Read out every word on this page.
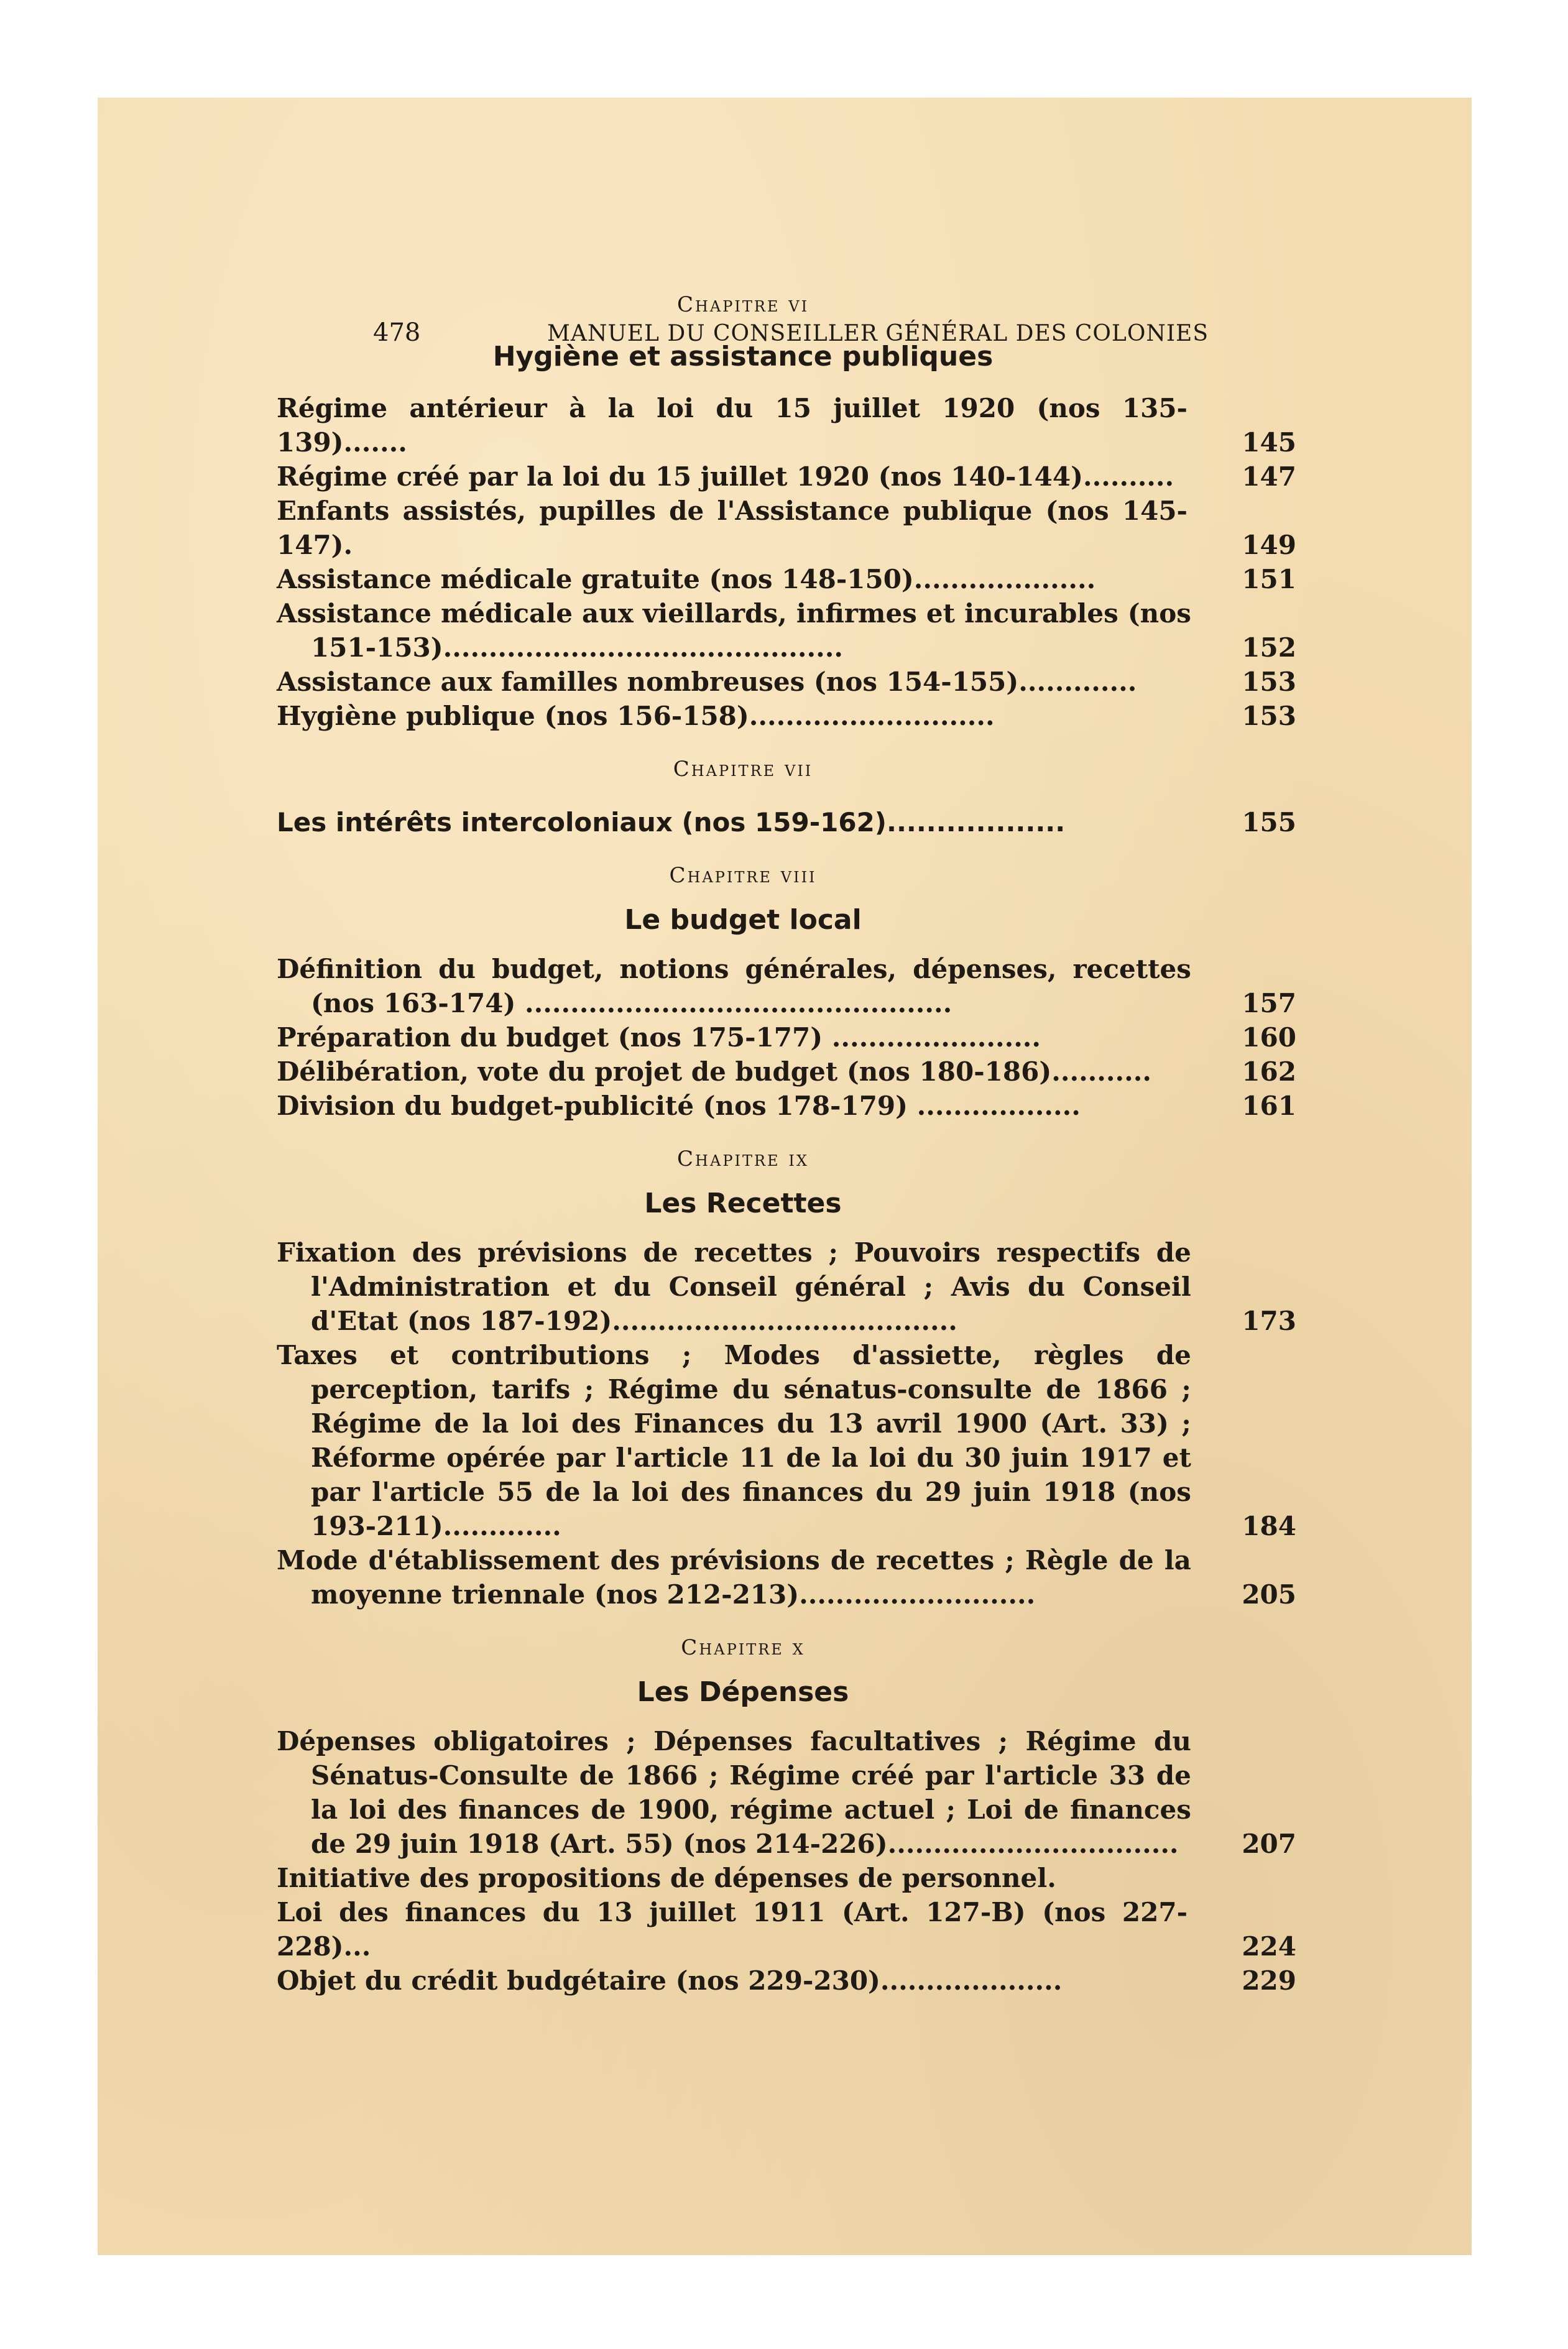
478	MANUEL DU CONSEILLER GÉNÉRAL DES COLONIES
Chapitre vi
Hygiène et assistance publiques
Régime antérieur à la loi du 15 juillet 1920 (nos 135-139).......	145
Régime créé par la loi du 15 juillet 1920 (nos 140-144)..........	147
Enfants assistés, pupilles de l'Assistance publique (nos 145-147).	149
Assistance médicale gratuite (nos 148-150)....................	151
Assistance médicale aux vieillards, infirmes et incurables (nos 151-153)............................................	152
Assistance aux familles nombreuses (nos 154-155).............	153
Hygiène publique (nos 156-158)...........................	153
Chapitre vii
Les intérêts intercoloniaux (nos 159-162)..................	155
Chapitre viii
Le budget local
Définition du budget, notions générales, dépenses, recettes (nos 163-174) ...............................................	157
Préparation du budget (nos 175-177) .......................	160
Délibération, vote du projet de budget (nos 180-186)...........	162
Division du budget-publicité (nos 178-179) ..................	161
Chapitre ix
Les Recettes
Fixation des prévisions de recettes ; Pouvoirs respectifs de l'Administration et du Conseil général ; Avis du Conseil d'Etat (nos 187-192)......................................	173
Taxes et contributions ; Modes d'assiette, règles de perception, tarifs ; Régime du sénatus-consulte de 1866 ; Régime de la loi des Finances du 13 avril 1900 (Art. 33) ; Réforme opérée par l'article 11 de la loi du 30 juin 1917 et par l'article 55 de la loi des finances du 29 juin 1918 (nos 193-211).............	184
Mode d'établissement des prévisions de recettes ; Règle de la moyenne triennale (nos 212-213)..........................	205
Chapitre x
Les Dépenses
Dépenses obligatoires ; Dépenses facultatives ; Régime du Sénatus-Consulte de 1866 ; Régime créé par l'article 33 de la loi des finances de 1900, régime actuel ; Loi de finances de 29 juin 1918 (Art. 55) (nos 214-226)................................	207
Initiative des propositions de dépenses de personnel.
Loi des finances du 13 juillet 1911 (Art. 127-B) (nos 227-228)...	224
Objet du crédit budgétaire (nos 229-230)....................	229
